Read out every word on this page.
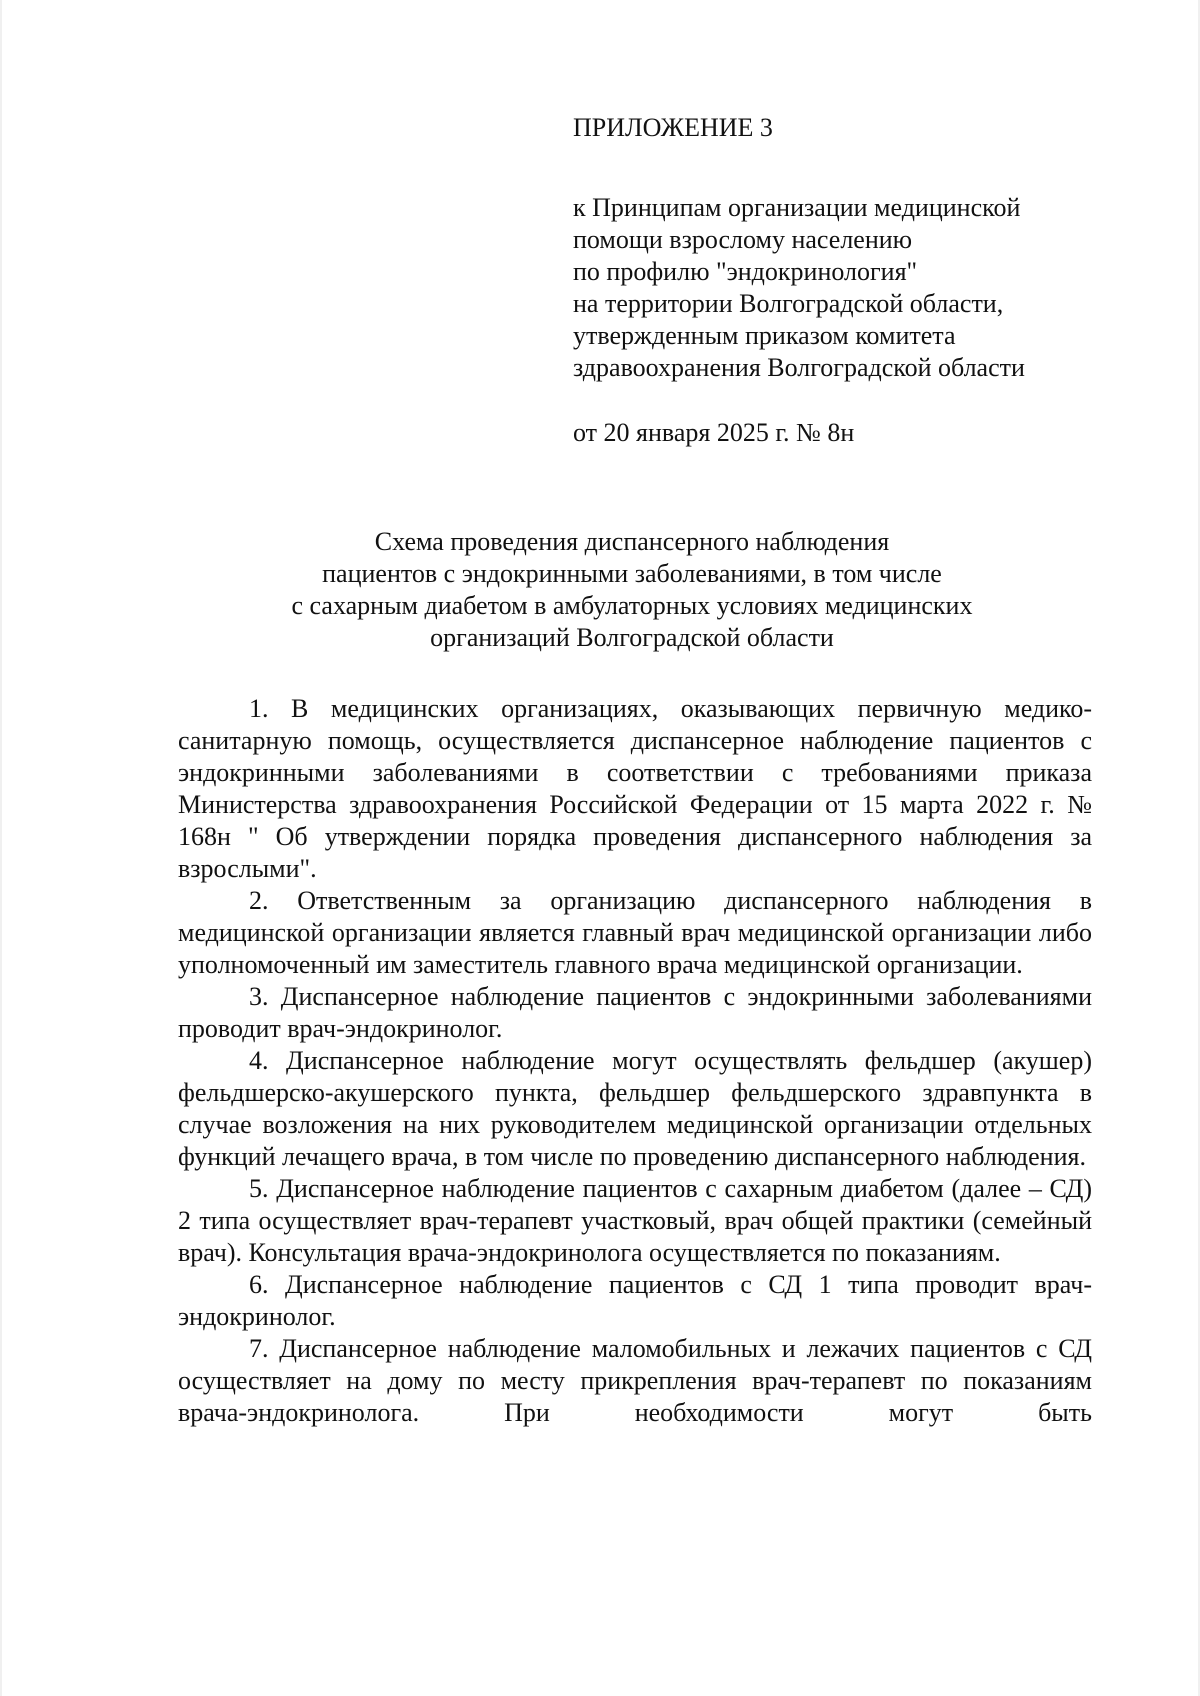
ПРИЛОЖЕНИЕ 3
к Принципам организации медицинской
помощи взрослому населению
по профилю "эндокринология"
на территории Волгоградской области,
утвержденным приказом комитета
здравоохранения Волгоградской области
от 20 января 2025 г. № 8н
Схема проведения диспансерного наблюдения
пациентов с эндокринными заболеваниями, в том числе
с сахарным диабетом в амбулаторных условиях медицинских
организаций Волгоградской области

1. В медицинских организациях, оказывающих первичную медико-санитарную помощь, осуществляется диспансерное наблюдение пациентов с эндокринными заболеваниями в соответствии с требованиями приказа Министерства здравоохранения Российской Федерации от 15 марта 2022 г. № 168н " Об утверждении порядка проведения диспансерного наблюдения за взрослыми".

2. Ответственным за организацию диспансерного наблюдения в медицинской организации является главный врач медицинской организации либо уполномоченный им заместитель главного врача медицинской организации.

3. Диспансерное наблюдение пациентов с эндокринными заболеваниями проводит врач-эндокринолог.

4. Диспансерное наблюдение могут осуществлять фельдшер (акушер) фельдшерско-акушерского пункта, фельдшер фельдшерского здравпункта в случае возложения на них руководителем медицинской организации отдельных функций лечащего врача, в том числе по проведению диспансерного наблюдения.

5. Диспансерное наблюдение пациентов с сахарным диабетом (далее – СД) 2 типа осуществляет врач-терапевт участковый, врач общей практики (семейный врач). Консультация врача-эндокринолога осуществляется по показаниям.

6. Диспансерное наблюдение пациентов с СД 1 типа проводит врач-эндокринолог.

7. Диспансерное наблюдение маломобильных и лежачих пациентов с СД осуществляет на дому по месту прикрепления врач-терапевт по показаниям врача-эндокринолога. При необходимости могут быть
